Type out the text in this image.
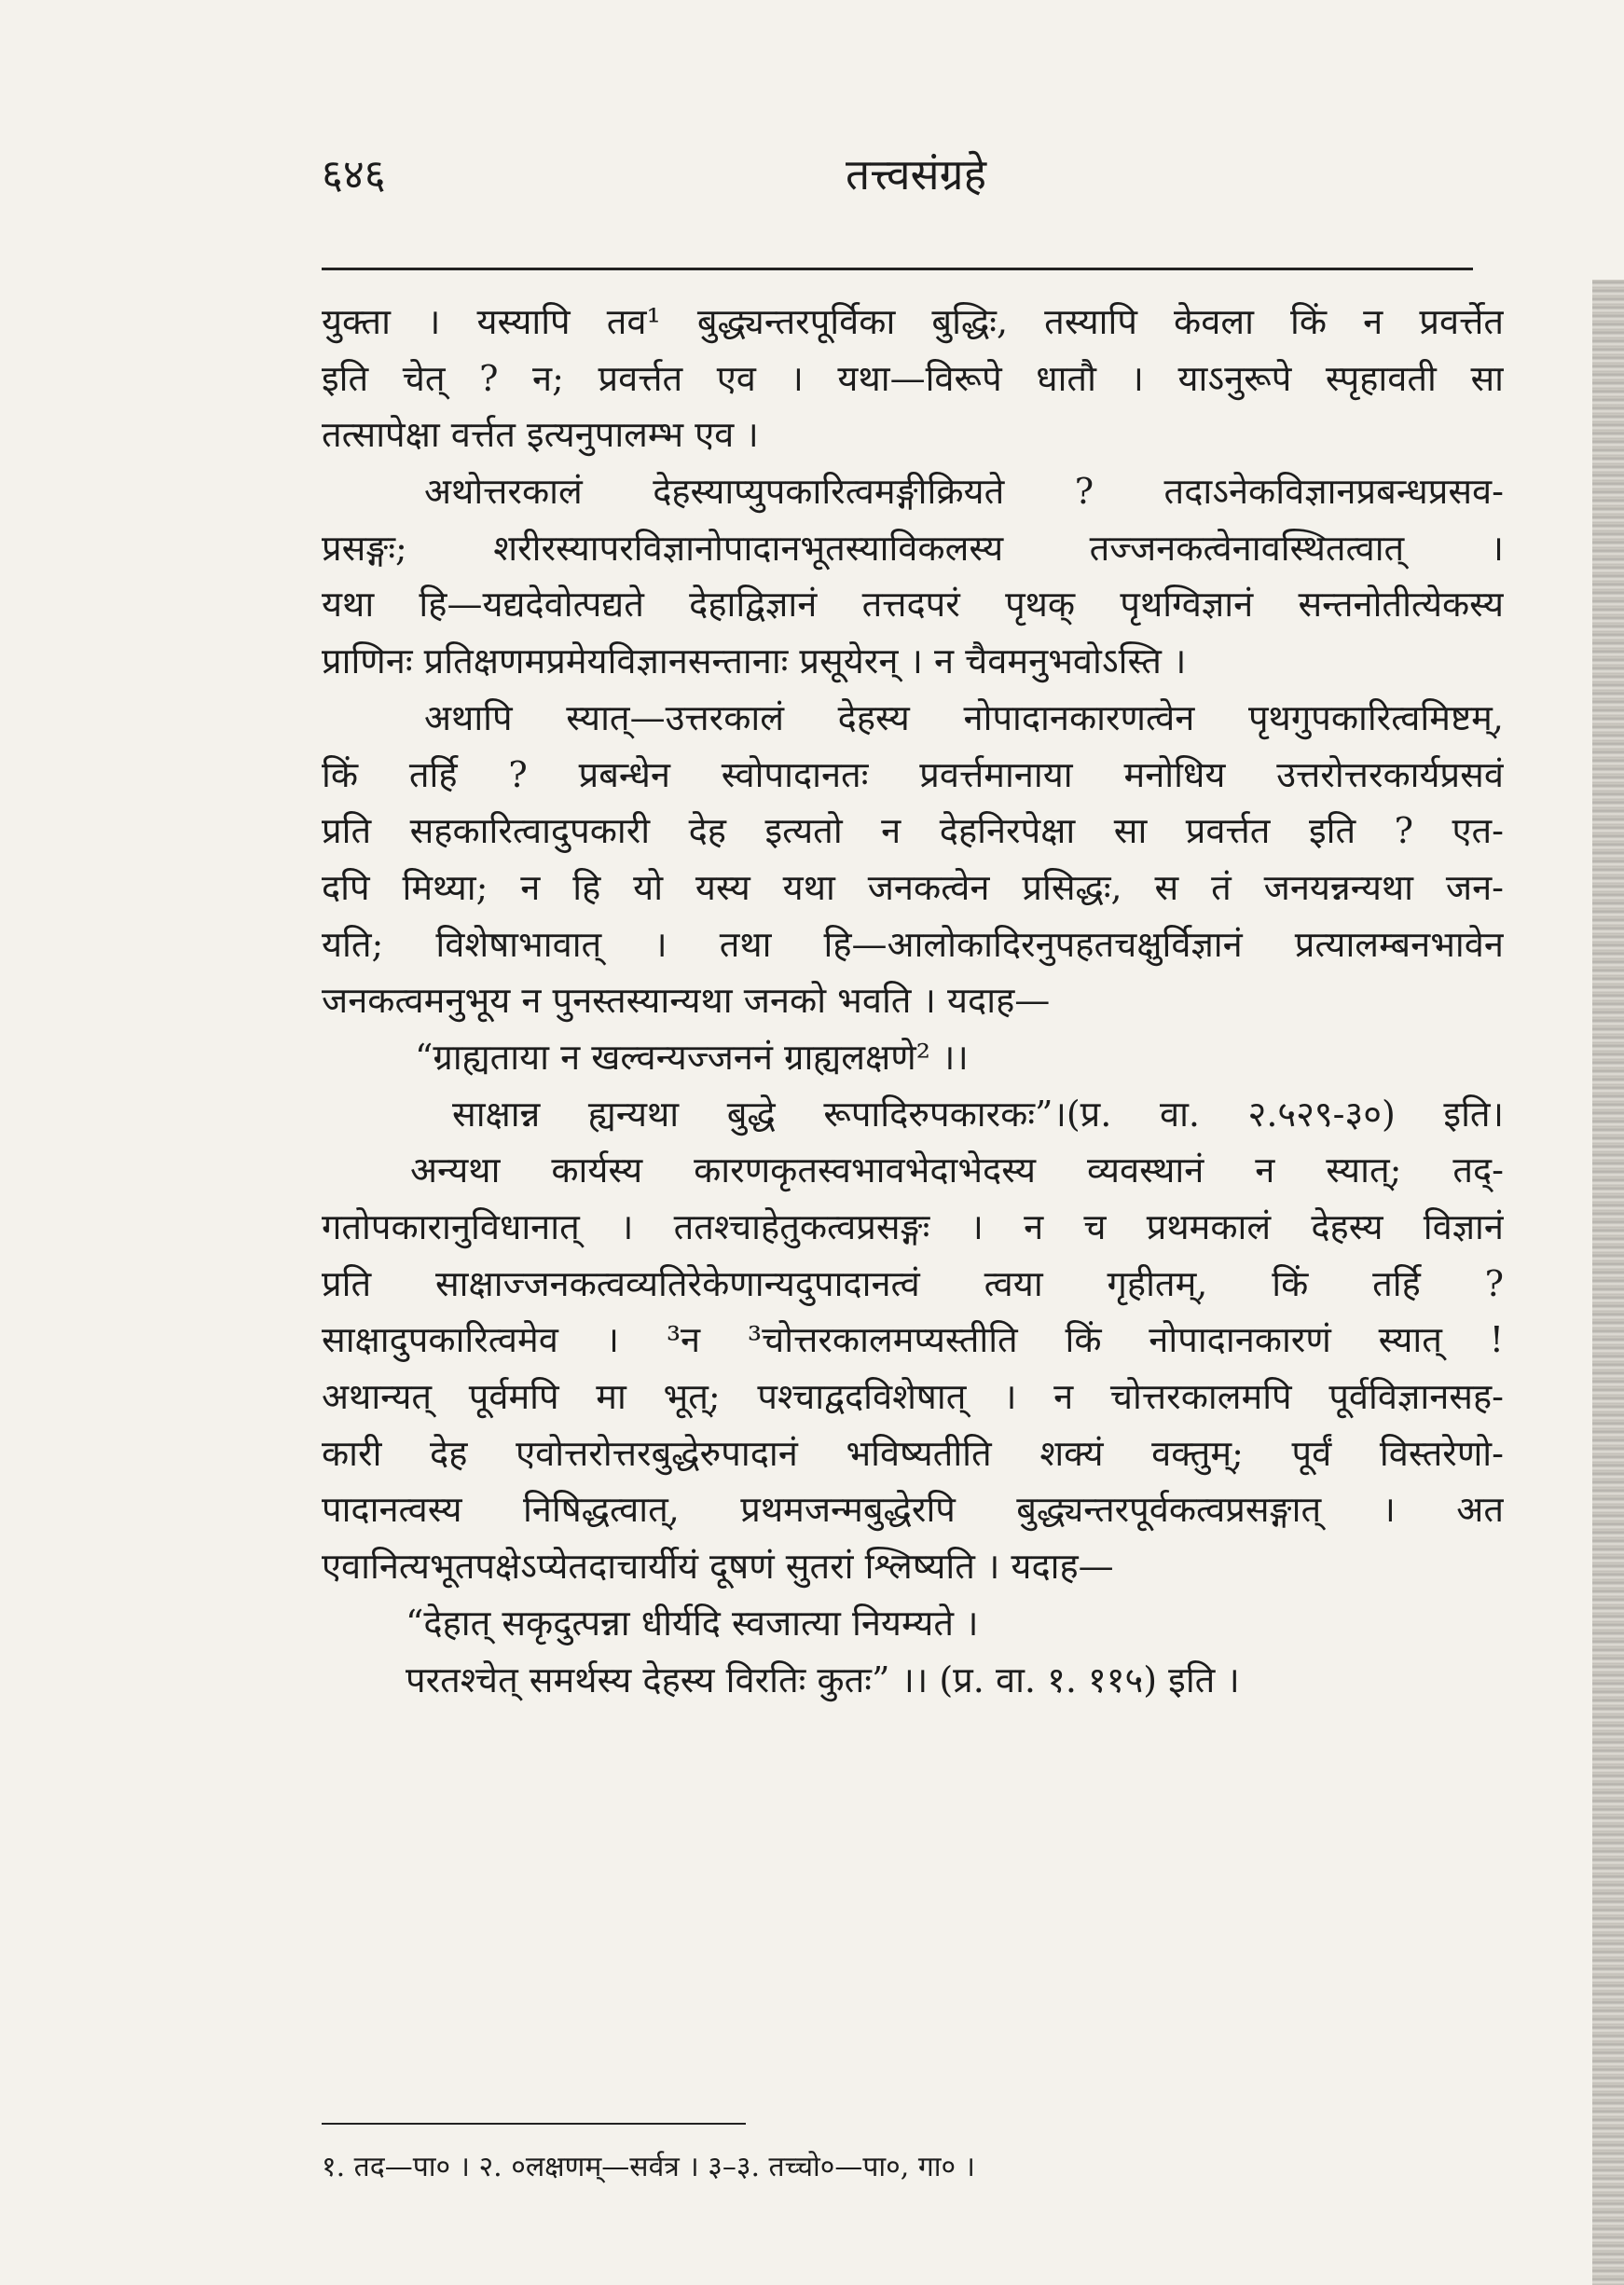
६४६	तत्त्वसंग्रहे
युक्ता । यस्यापि तव¹ बुद्ध्यन्तरपूर्विका बुद्धिः, तस्यापि केवला किं न प्रवर्त्तेत
इति चेत् ? न; प्रवर्त्तत एव । यथा—विरूपे धातौ । याऽनुरूपे स्पृहावती सा
तत्सापेक्षा वर्त्तत इत्यनुपालम्भ एव ।
अथोत्तरकालं देहस्याप्युपकारित्वमङ्गीक्रियते ? तदाऽनेकविज्ञानप्रबन्धप्रसव-
प्रसङ्गः; शरीरस्यापरविज्ञानोपादानभूतस्याविकलस्य तज्जनकत्वेनावस्थितत्वात् ।
यथा हि—यद्यदेवोत्पद्यते देहाद्विज्ञानं तत्तदपरं पृथक् पृथग्विज्ञानं सन्तनोतीत्येकस्य
प्राणिनः प्रतिक्षणमप्रमेयविज्ञानसन्तानाः प्रसूयेरन् । न चैवमनुभवोऽस्ति ।
अथापि स्यात्—उत्तरकालं देहस्य नोपादानकारणत्वेन पृथगुपकारित्वमिष्टम्,
किं तर्हि ? प्रबन्धेन स्वोपादानतः प्रवर्त्तमानाया मनोधिय उत्तरोत्तरकार्यप्रसवं
प्रति सहकारित्वादुपकारी देह इत्यतो न देहनिरपेक्षा सा प्रवर्त्तत इति ? एत-
दपि मिथ्या; न हि यो यस्य यथा जनकत्वेन प्रसिद्धः, स तं जनयन्नन्यथा जन-
यति; विशेषाभावात् । तथा हि—आलोकादिरनुपहतचक्षुर्विज्ञानं प्रत्यालम्बनभावेन
जनकत्वमनुभूय न पुनस्तस्यान्यथा जनको भवति । यदाह—
“ग्राह्यताया न खल्वन्यज्जननं ग्राह्यलक्षणे² ।।
साक्षान्न ह्यन्यथा बुद्धे रूपादिरुपकारकः”।(प्र. वा. २.५२९-३०) इति।
अन्यथा कार्यस्य कारणकृतस्वभावभेदाभेदस्य व्यवस्थानं न स्यात्; तद्-
गतोपकारानुविधानात् । ततश्चाहेतुकत्वप्रसङ्गः । न च प्रथमकालं देहस्य विज्ञानं
प्रति साक्षाज्जनकत्वव्यतिरेकेणान्यदुपादानत्वं त्वया गृहीतम्, किं तर्हि ?
साक्षादुपकारित्वमेव । ³न ³चोत्तरकालमप्यस्तीति किं नोपादानकारणं स्यात् !
अथान्यत् पूर्वमपि मा भूत्; पश्चाद्वदविशेषात् । न चोत्तरकालमपि पूर्वविज्ञानसह-
कारी देह एवोत्तरोत्तरबुद्धेरुपादानं भविष्यतीति शक्यं वक्तुम्; पूर्वं विस्तरेणो-
पादानत्वस्य निषिद्धत्वात्, प्रथमजन्मबुद्धेरपि बुद्ध्यन्तरपूर्वकत्वप्रसङ्गात् । अत
एवानित्यभूतपक्षेऽप्येतदाचार्यीयं दूषणं सुतरां श्लिष्यति । यदाह—
“देहात् सकृदुत्पन्ना धीर्यदि स्वजात्या नियम्यते ।
परतश्चेत् समर्थस्य देहस्य विरतिः कुतः” ।। (प्र. वा. १. ११५) इति ।
१. तद—पा० । २. ०लक्षणम्—सर्वत्र । ३–३. तच्चो०—पा०, गा० ।
